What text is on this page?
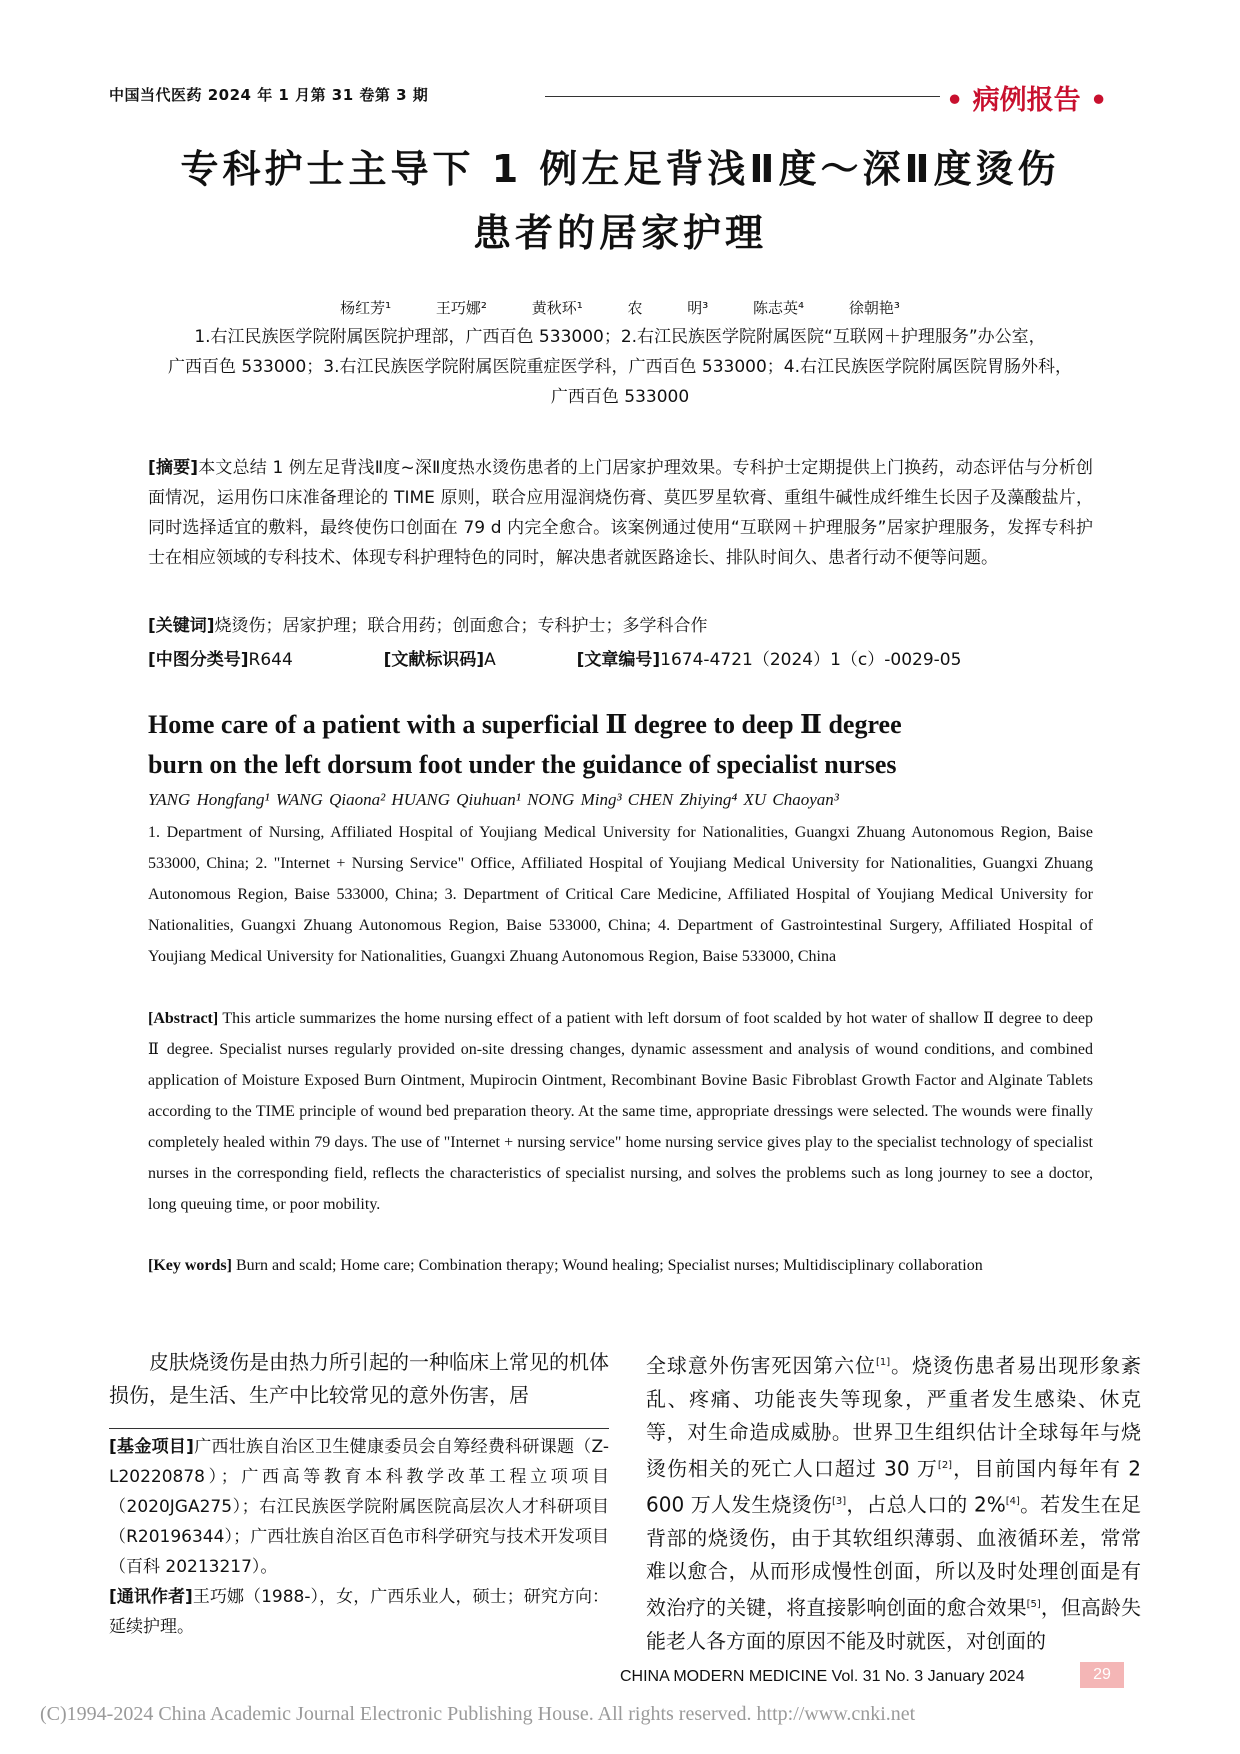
中国当代医药 2024 年 1 月第 31 卷第 3 期	• 病例报告 •
专科护士主导下 1 例左足背浅Ⅱ度～深Ⅱ度烫伤
患者的居家护理
杨红芳¹ 王巧娜² 黄秋环¹ 农 明³ 陈志英⁴ 徐朝艳³
1.右江民族医学院附属医院护理部，广西百色 533000；2.右江民族医学院附属医院“互联网＋护理服务”办公室，
广西百色 533000；3.右江民族医学院附属医院重症医学科，广西百色 533000；4.右江民族医学院附属医院胃肠外科，
广西百色 533000
[摘要]本文总结 1 例左足背浅Ⅱ度~深Ⅱ度热水烫伤患者的上门居家护理效果。专科护士定期提供上门换药，动态评估与分析创面情况，运用伤口床准备理论的 TIME 原则，联合应用湿润烧伤膏、莫匹罗星软膏、重组牛碱性成纤维生长因子及藻酸盐片，同时选择适宜的敷料，最终使伤口创面在 79 d 内完全愈合。该案例通过使用“互联网＋护理服务”居家护理服务，发挥专科护士在相应领域的专科技术、体现专科护理特色的同时，解决患者就医路途长、排队时间久、患者行动不便等问题。
[关键词]烧烫伤；居家护理；联合用药；创面愈合；专科护士；多学科合作
[中图分类号]R644	[文献标识码]A	[文章编号]1674-4721（2024）1（c）-0029-05
Home care of a patient with a superficial Ⅱ degree to deep Ⅱ degree
burn on the left dorsum foot under the guidance of specialist nurses
YANG Hongfang¹ WANG Qiaona² HUANG Qiuhuan¹ NONG Ming³ CHEN Zhiying⁴ XU Chaoyan³
1. Department of Nursing, Affiliated Hospital of Youjiang Medical University for Nationalities, Guangxi Zhuang Autonomous Region, Baise 533000, China; 2. "Internet + Nursing Service" Office, Affiliated Hospital of Youjiang Medical University for Nationalities, Guangxi Zhuang Autonomous Region, Baise 533000, China; 3. Department of Critical Care Medicine, Affiliated Hospital of Youjiang Medical University for Nationalities, Guangxi Zhuang Autonomous Region, Baise 533000, China; 4. Department of Gastrointestinal Surgery, Affiliated Hospital of Youjiang Medical University for Nationalities, Guangxi Zhuang Autonomous Region, Baise 533000, China
[Abstract] This article summarizes the home nursing effect of a patient with left dorsum of foot scalded by hot water of shallow Ⅱ degree to deep Ⅱ degree. Specialist nurses regularly provided on-site dressing changes, dynamic assessment and analysis of wound conditions, and combined application of Moisture Exposed Burn Ointment, Mupirocin Ointment, Recombinant Bovine Basic Fibroblast Growth Factor and Alginate Tablets according to the TIME principle of wound bed preparation theory. At the same time, appropriate dressings were selected. The wounds were finally completely healed within 79 days. The use of "Internet + nursing service" home nursing service gives play to the specialist technology of specialist nurses in the corresponding field, reflects the characteristics of specialist nursing, and solves the problems such as long journey to see a doctor, long queuing time, or poor mobility.
[Key words] Burn and scald; Home care; Combination therapy; Wound healing; Specialist nurses; Multidisciplinary collaboration
皮肤烧烫伤是由热力所引起的一种临床上常见的机体损伤，是生活、生产中比较常见的意外伤害，居
[基金项目]广西壮族自治区卫生健康委员会自筹经费科研课题（Z-L20220878）；广西高等教育本科教学改革工程立项项目（2020JGA275）；右江民族医学院附属医院高层次人才科研项目（R20196344）；广西壮族自治区百色市科学研究与技术开发项目（百科 20213217）。
[通讯作者]王巧娜（1988-），女，广西乐业人，硕士；研究方向：延续护理。
全球意外伤害死因第六位[1]。烧烫伤患者易出现形象紊乱、疼痛、功能丧失等现象，严重者发生感染、休克等，对生命造成威胁。世界卫生组织估计全球每年与烧烫伤相关的死亡人口超过 30 万[2]，目前国内每年有 2 600 万人发生烧烫伤[3]，占总人口的 2%[4]。若发生在足背部的烧烫伤，由于其软组织薄弱、血液循环差，常常难以愈合，从而形成慢性创面，所以及时处理创面是有效治疗的关键，将直接影响创面的愈合效果[5]，但高龄失能老人各方面的原因不能及时就医，对创面的
CHINA MODERN MEDICINE Vol. 31 No. 3 January 2024	29
(C)1994-2024 China Academic Journal Electronic Publishing House. All rights reserved. http://www.cnki.net
